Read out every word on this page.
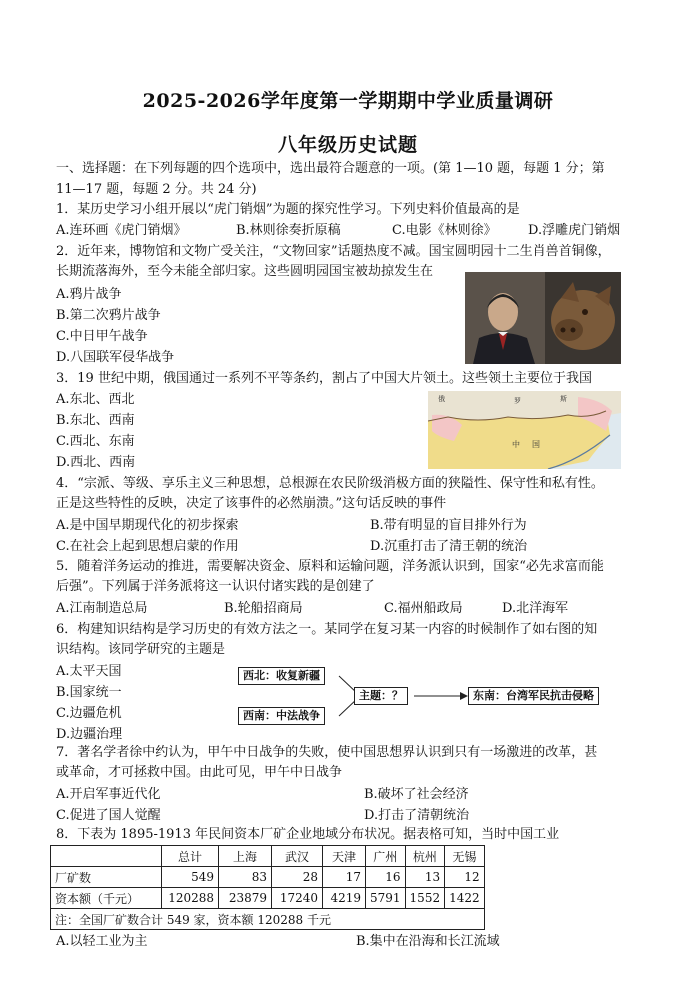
2025-2026学年度第一学期期中学业质量调研
八年级历史试题
一、选择题：在下列每题的四个选项中，选出最符合题意的一项。(第 1—10 题，每题 1 分；第
11—17 题，每题 2 分。共 24 分)
1．某历史学习小组开展以“虎门销烟”为题的探究性学习。下列史料价值最高的是
A.连环画《虎门销烟》	B.林则徐奏折原稿	C.电影《林则徐》 D.浮雕虎门销烟
2．近年来，博物馆和文物广受关注，“文物回家”话题热度不减。国宝圆明园十二生肖兽首铜像，
长期流落海外，至今未能全部归家。这些圆明园国宝被劫掠发生在
A.鸦片战争
B.第二次鸦片战争
C.中日甲午战争
D.八国联军侵华战争
3．19 世纪中期，俄国通过一系列不平等条约，割占了中国大片领土。这些领土主要位于我国
A.东北、西北
B.东北、西南
C.西北、东南
D.西北、西南
俄	罗	斯
中 国
4．“宗派、等级、享乐主义三种思想，总根源在农民阶级消极方面的狭隘性、保守性和私有性。
正是这些特性的反映，决定了该事件的必然崩溃。”这句话反映的事件
A.是中国早期现代化的初步探索	B.带有明显的盲目排外行为
C.在社会上起到思想启蒙的作用	D.沉重打击了清王朝的统治
5．随着洋务运动的推进，需要解决资金、原料和运输问题，洋务派认识到，国家“必先求富而能
后强”。下列属于洋务派将这一认识付诸实践的是创建了
A.江南制造总局	B.轮船招商局	C.福州船政局	D.北洋海军
6．构建知识结构是学习历史的有效方法之一。某同学在复习某一内容的时候制作了如右图的知
识结构。该同学研究的主题是
A.太平天国
B.国家统一
C.边疆危机
D.边疆治理
西北：收复新疆
西南：中法战争
主题：？	东南：台湾军民抗击侵略
7．著名学者徐中约认为，甲午中日战争的失败，使中国思想界认识到只有一场激进的改革，甚
或革命，才可拯救中国。由此可见，甲午中日战争
A.开启军事近代化	B.破坏了社会经济
C.促进了国人觉醒	D.打击了清朝统治
8．下表为 1895-1913 年民间资本厂矿企业地域分布状况。据表格可知，当时中国工业
	总计	上海	武汉	天津	广州	杭州	无锡
厂矿数	549	83	28	17	16	13	12
资本额（千元）	120288	23879	17240	4219	5791	1552	1422
注：全国厂矿数合计 549 家，资本额 120288 千元							
A.以轻工业为主	B.集中在沿海和长江流域
